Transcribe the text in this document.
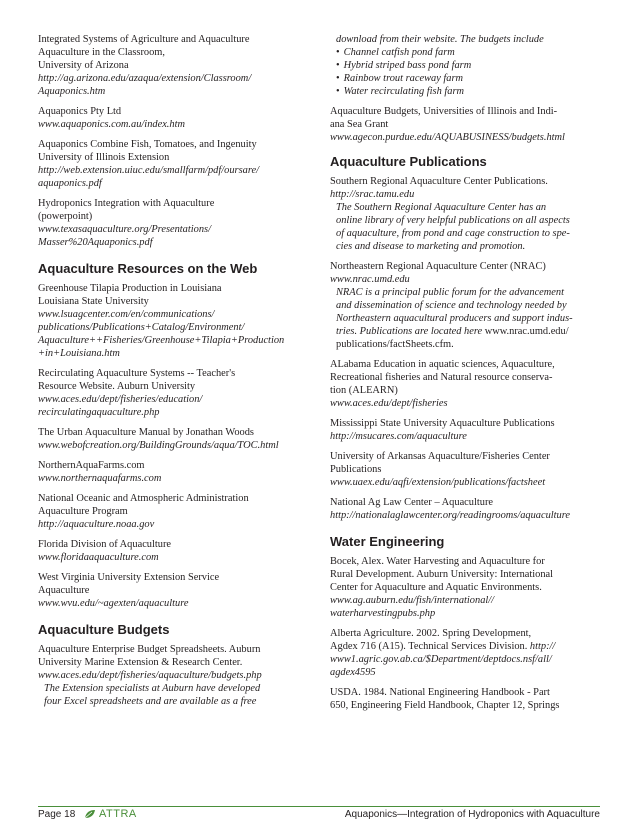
Integrated Systems of Agriculture and Aquaculture
Aquaculture in the Classroom,
University of Arizona
http://ag.arizona.edu/azaqua/extension/Classroom/
Aquaponics.htm
Aquaponics Pty Ltd
www.aquaponics.com.au/index.htm
Aquaponics Combine Fish, Tomatoes, and Ingenuity
University of Illinois Extension
http://web.extension.uiuc.edu/smallfarm/pdf/oursare/
aquaponics.pdf
Hydroponics Integration with Aquaculture
(powerpoint)
www.texasaquaculture.org/Presentations/
Masser%20Aquaponics.pdf
Aquaculture Resources on the Web
Greenhouse Tilapia Production in Louisiana
Louisiana State University
www.lsuagcenter.com/en/communications/
publications/Publications+Catalog/Environment/
Aquaculture++Fisheries/Greenhouse+Tilapia+Production
+in+Louisiana.htm
Recirculating Aquaculture Systems -- Teacher's
Resource Website. Auburn University
www.aces.edu/dept/fisheries/education/
recirculatingaquaculture.php
The Urban Aquaculture Manual by Jonathan Woods
www.webofcreation.org/BuildingGrounds/aqua/TOC.html
NorthernAquaFarms.com
www.northernaquafarms.com
National Oceanic and Atmospheric Administration
Aquaculture Program
http://aquaculture.noaa.gov
Florida Division of Aquaculture
www.floridaaquaculture.com
West Virginia University Extension Service
Aquaculture
www.wvu.edu/~agexten/aquaculture
Aquaculture Budgets
Aquaculture Enterprise Budget Spreadsheets. Auburn
University Marine Extension & Research Center.
www.aces.edu/dept/fisheries/aquaculture/budgets.php
The Extension specialists at Auburn have developed
four Excel spreadsheets and are available as a free
download from their website. The budgets include
• Channel catfish pond farm
• Hybrid striped bass pond farm
• Rainbow trout raceway farm
• Water recirculating fish farm
Aquaculture Budgets, Universities of Illinois and Indi-
ana Sea Grant
www.agecon.purdue.edu/AQUABUSINESS/budgets.html
Aquaculture Publications
Southern Regional Aquaculture Center Publications.
http://srac.tamu.edu
The Southern Regional Aquaculture Center has an
online library of very helpful publications on all aspects
of aquaculture, from pond and cage construction to spe-
cies and disease to marketing and promotion.
Northeastern Regional Aquaculture Center (NRAC)
www.nrac.umd.edu
NRAC is a principal public forum for the advancement
and dissemination of science and technology needed by
Northeastern aquacultural producers and support indus-
tries. Publications are located here www.nrac.umd.edu/
publications/factSheets.cfm.
ALabama Education in aquatic sciences, Aquaculture,
Recreational fisheries and Natural resource conserva-
tion (ALEARN)
www.aces.edu/dept/fisheries
Mississippi State University Aquaculture Publications
http://msucares.com/aquaculture
University of Arkansas Aquaculture/Fisheries Center
Publications
www.uaex.edu/aqfi/extension/publications/factsheet
National Ag Law Center – Aquaculture
http://nationalaglawcenter.org/readingrooms/aquaculture
Water Engineering
Bocek, Alex. Water Harvesting and Aquaculture for
Rural Development. Auburn University: International
Center for Aquaculture and Aquatic Environments.
www.ag.auburn.edu/fish/international//
waterharvestingpubs.php
Alberta Agriculture. 2002. Spring Development,
Agdex 716 (A15). Technical Services Division. http://
www1.agric.gov.ab.ca/$Department/deptdocs.nsf/all/
agdex4595
USDA. 1984. National Engineering Handbook - Part
650, Engineering Field Handbook, Chapter 12, Springs
Page 18 ATTRA	Aquaponics—Integration of Hydroponics with Aquaculture
